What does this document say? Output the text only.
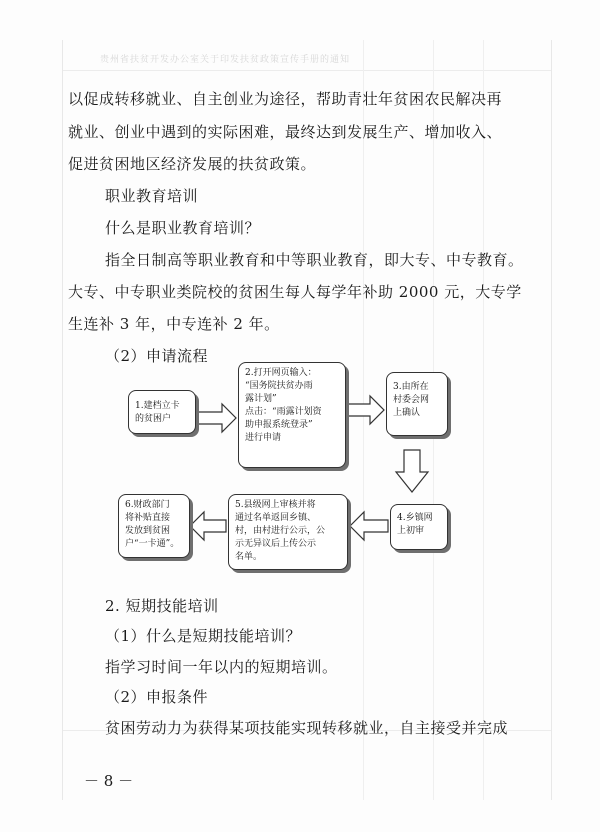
贵州省扶贫开发办公室关于印发扶贫政策宣传手册的通知
以促成转移就业、自主创业为途径，帮助青壮年贫困农民解决再
就业、创业中遇到的实际困难，最终达到发展生产、增加收入、
促进贫困地区经济发展的扶贫政策。
职业教育培训
什么是职业教育培训？
指全日制高等职业教育和中等职业教育，即大专、中专教育。
大专、中专职业类院校的贫困生每人每学年补助 2000 元，大专学
生连补 3 年，中专连补 2 年。
（2）申请流程
1.建档立卡
的贫困户
2.打开网页输入：
“国务院扶贫办雨
露计划”
点击：“雨露计划资
助申报系统登录”
进行申请
3.由所在
村委会网
上确认
4.乡镇网
上初审
5.县级网上审核并将
通过名单返回乡镇、
村，由村进行公示，公
示无异议后上传公示
名单。
6.财政部门
将补贴直接
发放到贫困
户“一卡通”。
2. 短期技能培训
（1）什么是短期技能培训？
指学习时间一年以内的短期培训。
（2）申报条件
贫困劳动力为获得某项技能实现转移就业，自主接受并完成
－ 8 －
